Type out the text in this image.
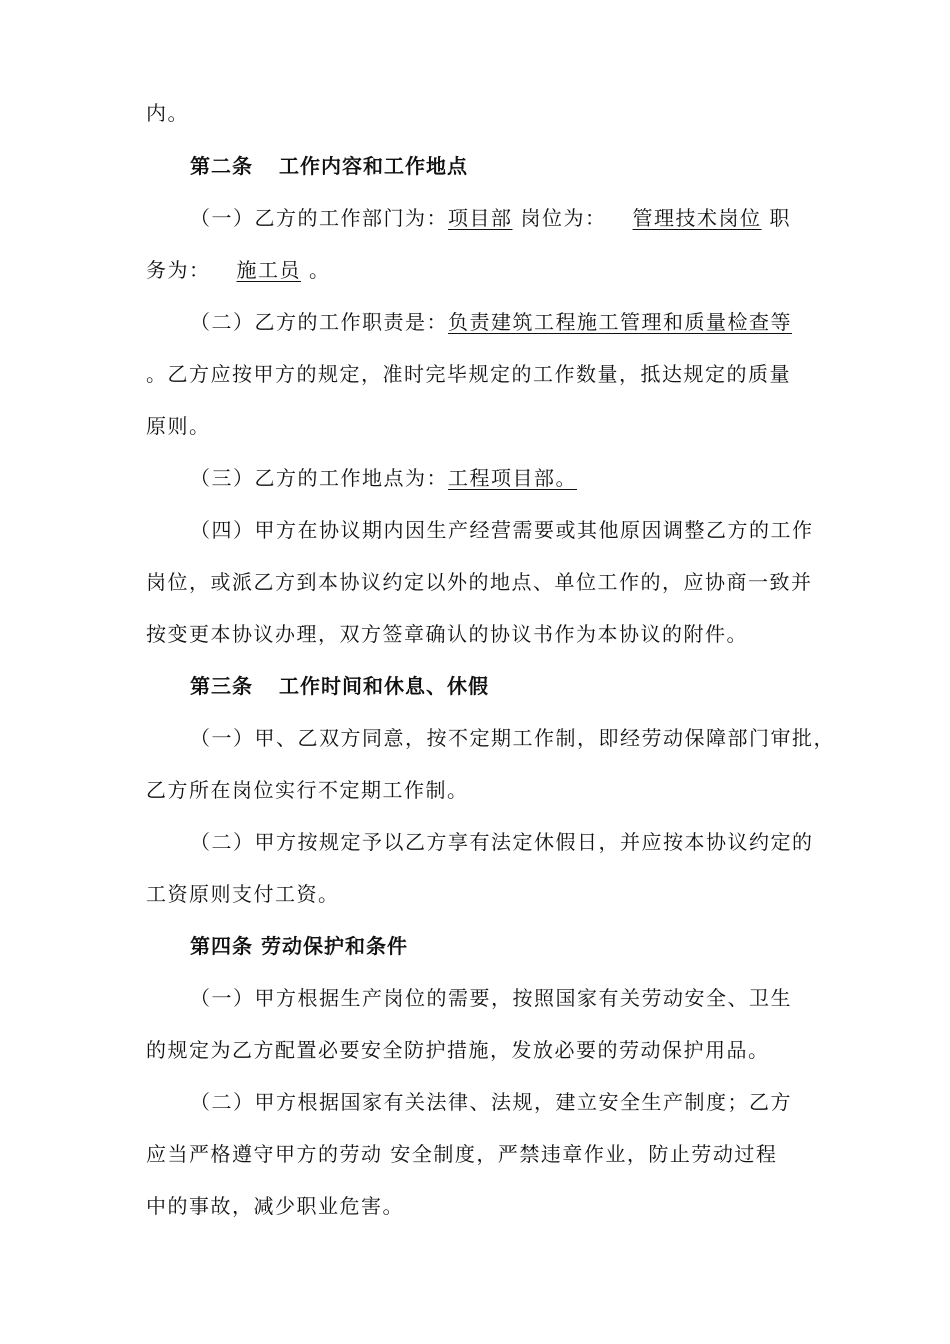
内。
第二条 工作内容和工作地点
（一）乙方的工作部门为：项目部 岗位为： 管理技术岗位 职
务为： 施工员 。
（二）乙方的工作职责是：负责建筑工程施工管理和质量检查等
。乙方应按甲方的规定，准时完毕规定的工作数量，抵达规定的质量
原则。
（三）乙方的工作地点为：工程项目部。
（四）甲方在协议期内因生产经营需要或其他原因调整乙方的工作
岗位，或派乙方到本协议约定以外的地点、单位工作的，应协商一致并
按变更本协议办理，双方签章确认的协议书作为本协议的附件。
第三条 工作时间和休息、休假
（一）甲、乙双方同意，按不定期工作制，即经劳动保障部门审批，
乙方所在岗位实行不定期工作制。
（二）甲方按规定予以乙方享有法定休假日，并应按本协议约定的
工资原则支付工资。
第四条 劳动保护和条件
（一）甲方根据生产岗位的需要，按照国家有关劳动安全、卫生
的规定为乙方配置必要安全防护措施，发放必要的劳动保护用品。
（二）甲方根据国家有关法律、法规，建立安全生产制度；乙方
应当严格遵守甲方的劳动 安全制度，严禁违章作业，防止劳动过程
中的事故，减少职业危害。
